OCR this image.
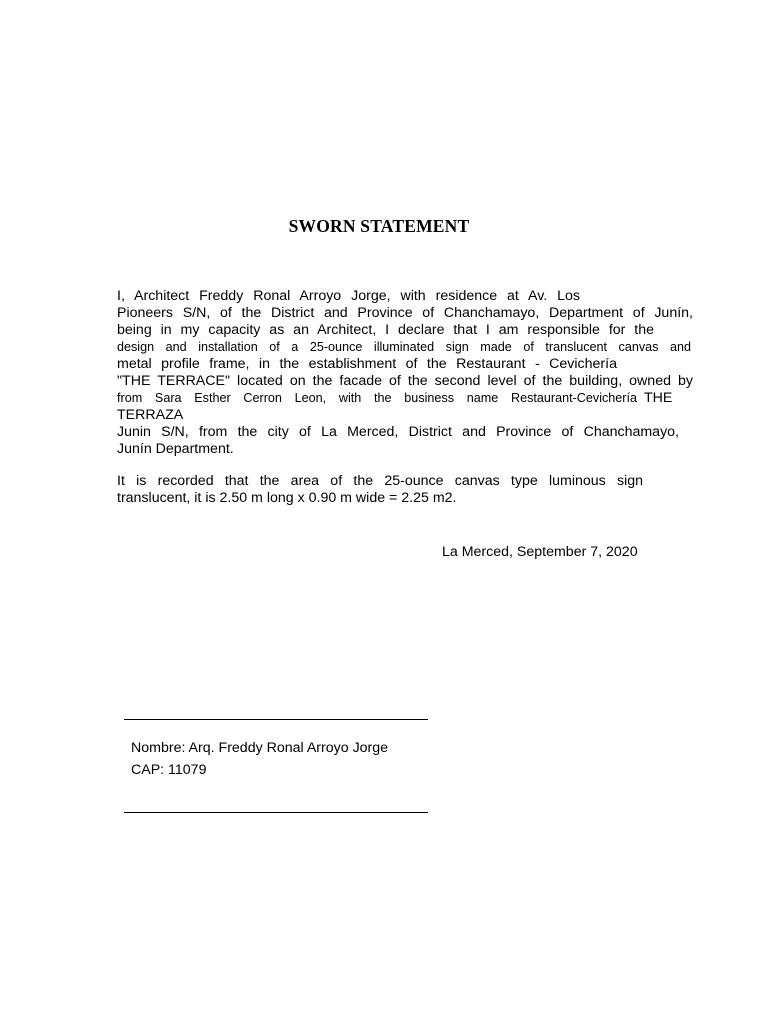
SWORN STATEMENT
I, Architect Freddy Ronal Arroyo Jorge, with residence at Av. Los
Pioneers S/N, of the District and Province of Chanchamayo, Department of Junín,
being in my capacity as an Architect, I declare that I am responsible for the
design and installation of a 25-ounce illuminated sign made of translucent canvas and
metal profile frame, in the establishment of the Restaurant - Cevichería
"THE TERRACE" located on the facade of the second level of the building, owned by
from Sara Esther Cerron Leon, with the business name Restaurant-Cevichería THE
TERRAZA
Junin S/N, from the city of La Merced, District and Province of Chanchamayo,
Junín Department.
It is recorded that the area of the 25-ounce canvas type luminous sign
translucent, it is 2.50 m long x 0.90 m wide = 2.25 m2.
La Merced, September 7, 2020
Nombre: Arq. Freddy Ronal Arroyo Jorge
CAP: 11079
